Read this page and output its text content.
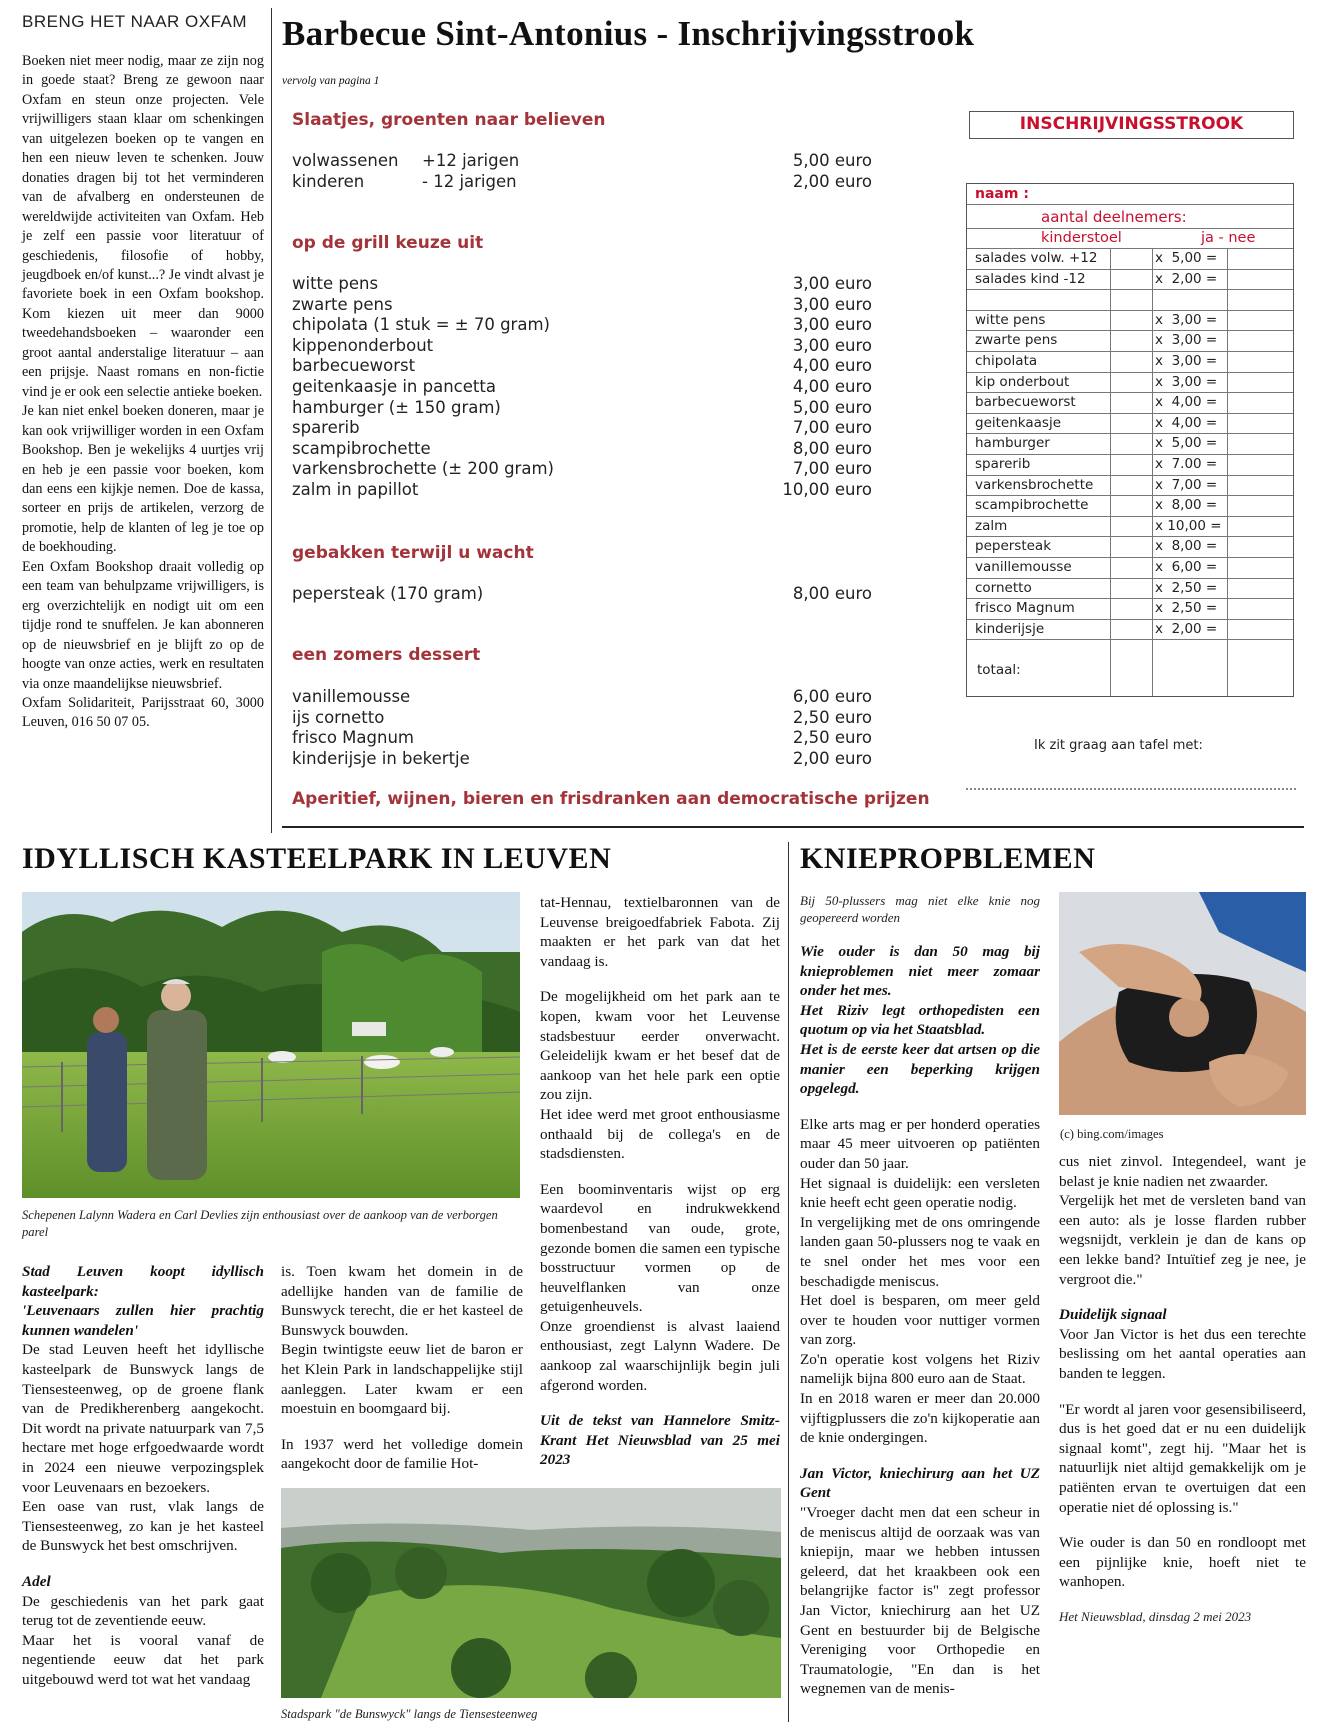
BRENG HET NAAR OXFAM

Boeken niet meer nodig, maar ze zijn nog in goede staat? Breng ze gewoon naar Oxfam en steun onze projecten. Vele vrijwilligers staan klaar om schenkingen van uitgelezen boeken op te vangen en hen een nieuw leven te schenken. Jouw donaties dragen bij tot het verminderen van de afvalberg en ondersteunen de wereldwijde activiteiten van Oxfam. Heb je zelf een passie voor literatuur of geschiedenis, filosofie of hobby, jeugdboek en/of kunst...? Je vindt alvast je favoriete boek in een Oxfam bookshop. Kom kiezen uit meer dan 9000 tweedehandsboeken – waaronder een groot aantal anderstalige literatuur – aan een prijsje. Naast romans en non-fictie vind je er ook een selectie antieke boeken.

Je kan niet enkel boeken doneren, maar je kan ook vrijwilliger worden in een Oxfam Bookshop. Ben je wekelijks 4 uurtjes vrij en heb je een passie voor boeken, kom dan eens een kijkje nemen. Doe de kassa, sorteer en prijs de artikelen, verzorg de promotie, help de klanten of leg je toe op de boekhouding.

Een Oxfam Bookshop draait volledig op een team van behulpzame vrijwilligers, is erg overzichtelijk en nodigt uit om een tijdje rond te snuffelen. Je kan abonneren op de nieuwsbrief en je blijft zo op de hoogte van onze acties, werk en resultaten via onze maandelijkse nieuwsbrief.

Oxfam Solidariteit, Parijsstraat 60, 3000 Leuven, 016 50 07 05.

Barbecue Sint-Antonius - Inschrijvingsstrook
vervolg van pagina 1
Slaatjes, groenten naar believen
volwassenen +12 jarigen	5,00 euro
kinderen	- 12 jarigen	2,00 euro
op de grill keuze uit
witte pens	3,00 euro
zwarte pens	3,00 euro
chipolata (1 stuk = ± 70 gram)	3,00 euro
kippenonderbout	3,00 euro
barbecueworst	4,00 euro
geitenkaasje in pancetta	4,00 euro
hamburger (± 150 gram)	5,00 euro
sparerib	7,00 euro
scampibrochette	8,00 euro
varkensbrochette (± 200 gram)	7,00 euro
zalm in papillot	10,00 euro
gebakken terwijl u wacht
pepersteak (170 gram)	8,00 euro
een zomers dessert
vanillemousse	6,00 euro
ijs cornetto	2,50 euro
frisco Magnum	2,50 euro
kinderijsje in bekertje	2,00 euro
Aperitief, wijnen, bieren en frisdranken aan democratische prijzen
INSCHRIJVINGSSTROOK
naam :
aantal deelnemers:
kinderstoel	ja - nee
salades volw. +12	x  5,00 =
salades kind -12	x  2,00 =
witte pens	x  3,00 =
zwarte pens	x  3,00 =
chipolata	x  3,00 =
kip onderbout	x  3,00 =
barbecueworst	x  4,00 =
geitenkaasje	x  4,00 =
hamburger	x  5,00 =
sparerib	x  7.00 =
varkensbrochette	x  7,00 =
scampibrochette	x  8,00 =
zalm	x 10,00 =
pepersteak	x  8,00 =
vanillemousse	x  6,00 =
cornetto	x  2,50 =
frisco Magnum	x  2,50 =
kinderijsje	x  2,00 =
totaal:
Ik zit graag aan tafel met:
IDYLLISCH KASTEELPARK IN LEUVEN
Schepenen Lalynn Wadera en Carl Devlies zijn enthousiast over de aankoop van de verborgen parel

Stad Leuven koopt idyllisch kasteelpark:

'Leuvenaars zullen hier prachtig kunnen wandelen'

De stad Leuven heeft het idyllische kasteelpark de Bunswyck langs de Tiensesteenweg, op de groene flank van de Predikherenberg aangekocht. Dit wordt na private natuurpark van 7,5 hectare met hoge erfgoedwaarde wordt in 2024 een nieuwe verpozingsplek voor Leuvenaars en bezoekers.

Een oase van rust, vlak langs de Tiensesteenweg, zo kan je het kasteel de Bunswyck het best omschrijven.

Adel

De geschiedenis van het park gaat terug tot de zeventiende eeuw.

Maar het is vooral vanaf de negentiende eeuw dat het park uitgebouwd werd tot wat het vandaag

is. Toen kwam het domein in de adellijke handen van de familie de Bunswyck terecht, die er het kasteel de Bunswyck bouwden.

Begin twintigste eeuw liet de baron er het Klein Park in landschappelijke stijl aanleggen. Later kwam er een moestuin en boomgaard bij.

In 1937 werd het volledige domein aangekocht door de familie Hot-

tat-Hennau, textielbaronnen van de Leuvense breigoedfabriek Fabota. Zij maakten er het park van dat het vandaag is.

De mogelijkheid om het park aan te kopen, kwam voor het Leuvense stadsbestuur eerder onverwacht. Geleidelijk kwam er het besef dat de aankoop van het hele park een optie zou zijn.

Het idee werd met groot enthousiasme onthaald bij de collega's en de stadsdiensten.

Een boominventaris wijst op erg waardevol en indrukwekkend bomenbestand van oude, grote, gezonde bomen die samen een typische bosstructuur vormen op de heuvelflanken van onze getuigenheuvels.

Onze groendienst is alvast laaiend enthousiast, zegt Lalynn Wadere. De aankoop zal waarschijnlijk begin juli afgerond worden.

Uit de tekst van Hannelore Smitz- Krant Het Nieuwsblad van 25 mei 2023

Stadspark "de Bunswyck" langs de Tiensesteenweg
KNIEPROPBLEMEN

Bij 50-plussers mag niet elke knie nog geopereerd worden

Wie ouder is dan 50 mag bij knieproblemen niet meer zomaar onder het mes.

Het Riziv legt orthopedisten een quotum op via het Staatsblad.

Het is de eerste keer dat artsen op die manier een beperking krijgen opgelegd.

Elke arts mag er per honderd operaties maar 45 meer uitvoeren op patiënten ouder dan 50 jaar.

Het signaal is duidelijk: een versleten knie heeft echt geen operatie nodig.

In vergelijking met de ons omringende landen gaan 50-plussers nog te vaak en te snel onder het mes voor een beschadigde meniscus.

Het doel is besparen, om meer geld over te houden voor nuttiger vormen van zorg.

Zo'n operatie kost volgens het Riziv namelijk bijna 800 euro aan de Staat.

In en 2018 waren er meer dan 20.000 vijftigplussers die zo'n kijkoperatie aan de knie ondergingen.

Jan Victor, kniechirurg aan het UZ Gent

"Vroeger dacht men dat een scheur in de meniscus altijd de oorzaak was van kniepijn, maar we hebben intussen geleerd, dat het kraakbeen ook een belangrijke factor is" zegt professor Jan Victor, kniechirurg aan het UZ Gent en bestuurder bij de Belgische Vereniging voor Orthopedie en Traumatologie, "En dan is het wegnemen van de menis-

(c) bing.com/images

cus niet zinvol. Integendeel, want je belast je knie nadien net zwaarder.

Vergelijk het met de versleten band van een auto: als je losse flarden rubber wegsnijdt, verklein je dan de kans op een lekke band? Intuïtief zeg je nee, je vergroot die."

Duidelijk signaal

Voor Jan Victor is het dus een terechte beslissing om het aantal operaties aan banden te leggen.

"Er wordt al jaren voor gesensibiliseerd, dus is het goed dat er nu een duidelijk signaal komt", zegt hij. "Maar het is natuurlijk niet altijd gemakkelijk om je patiënten ervan te overtuigen dat een operatie niet dé oplossing is."

Wie ouder is dan 50 en rondloopt met een pijnlijke knie, hoeft niet te wanhopen.

Het Nieuwsblad, dinsdag 2 mei 2023
